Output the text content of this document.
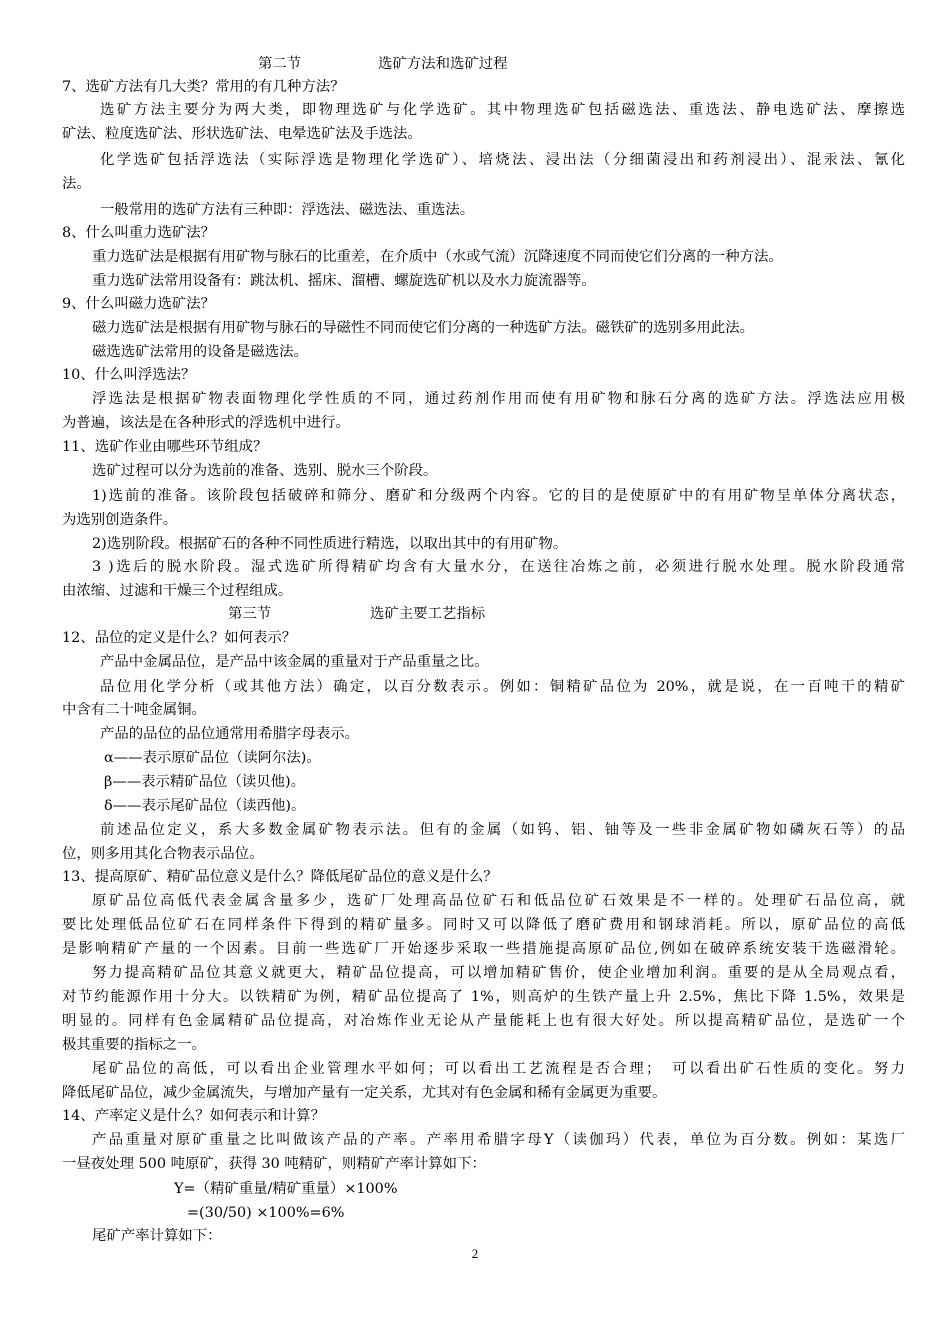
第二节	选矿方法和选矿过程
7、选矿方法有几大类？常用的有几种方法？
选矿方法主要分为两大类，即物理选矿与化学选矿。其中物理选矿包括磁选法、重选法、静电选矿法、摩擦选
矿法、粒度选矿法、形状选矿法、电晕选矿法及手选法。
化学选矿包括浮选法（实际浮选是物理化学选矿）、培烧法、浸出法（分细菌浸出和药剂浸出）、混汞法、氰化
法。
一般常用的选矿方法有三种即：浮选法、磁选法、重选法。
8、什么叫重力选矿法？
重力选矿法是根据有用矿物与脉石的比重差，在介质中（水或气流）沉降速度不同而使它们分离的一种方法。
重力选矿法常用设备有：跳汰机、摇床、溜槽、螺旋选矿机以及水力旋流器等。
9、什么叫磁力选矿法？
磁力选矿法是根据有用矿物与脉石的导磁性不同而使它们分离的一种选矿方法。磁铁矿的选别多用此法。
磁选选矿法常用的设备是磁选法。
10、什么叫浮选法？
浮选法是根据矿物表面物理化学性质的不同，通过药剂作用而使有用矿物和脉石分离的选矿方法。浮选法应用极
为普遍，该法是在各种形式的浮选机中进行。
11、选矿作业由哪些环节组成？
选矿过程可以分为选前的准备、选别、脱水三个阶段。
1)选前的准备。该阶段包括破碎和筛分、磨矿和分级两个内容。它的目的是使原矿中的有用矿物呈单体分离状态，
为选别创造条件。
2)选别阶段。根据矿石的各种不同性质进行精选，以取出其中的有用矿物。
3 )选后的脱水阶段。湿式选矿所得精矿均含有大量水分，在送往冶炼之前，必须进行脱水处理。脱水阶段通常
由浓缩、过滤和干燥三个过程组成。
第三节	选矿主要工艺指标
12、品位的定义是什么？如何表示？
产品中金属品位，是产品中该金属的重量对于产品重量之比。
品位用化学分析（或其他方法）确定，以百分数表示。例如：铜精矿品位为 20%，就是说，在一百吨干的精矿
中含有二十吨金属铜。
产品的品位的品位通常用希腊字母表示。
α——表示原矿品位（读阿尔法)。
β——表示精矿品位（读贝他)。
δ——表示尾矿品位（读西他)。
前述品位定义，系大多数金属矿物表示法。但有的金属（如钨、铝、铀等及一些非金属矿物如磷灰石等）的品
位，则多用其化合物表示品位。
13、提高原矿、精矿品位意义是什么？降低尾矿品位的意义是什么？
原矿品位高低代表金属含量多少，选矿厂处理高品位矿石和低品位矿石效果是不一样的。处理矿石品位高，就
要比处理低品位矿石在同样条件下得到的精矿量多。同时又可以降低了磨矿费用和钢球消耗。所以，原矿品位的高低
是影响精矿产量的一个因素。目前一些选矿厂开始逐步采取一些措施提高原矿品位,例如在破碎系统安装干选磁滑轮。
努力提高精矿品位其意义就更大，精矿品位提高，可以增加精矿售价，使企业增加利润。重要的是从全局观点看，
对节约能源作用十分大。以铁精矿为例，精矿品位提高了 1%，则高炉的生铁产量上升 2.5%，焦比下降 1.5%，效果是
明显的。同样有色金属精矿品位提高，对冶炼作业无论从产量能耗上也有很大好处。所以提高精矿品位，是选矿一个
极其重要的指标之一。
尾矿品位的高低，可以看出企业管理水平如何；可以看出工艺流程是否合理；　可以看出矿石性质的变化。努力
降低尾矿品位，减少金属流失，与增加产量有一定关系，尤其对有色金属和稀有金属更为重要。
14、产率定义是什么？如何表示和计算？
产品重量对原矿重量之比叫做该产品的产率。产率用希腊字母Υ（读伽玛）代表，单位为百分数。例如：某选厂
一昼夜处理 500 吨原矿，获得 30 吨精矿，则精矿产率计算如下：
Υ=（精矿重量/精矿重量）×100%
=(30/50) ×100%=6%
尾矿产率计算如下：
2
